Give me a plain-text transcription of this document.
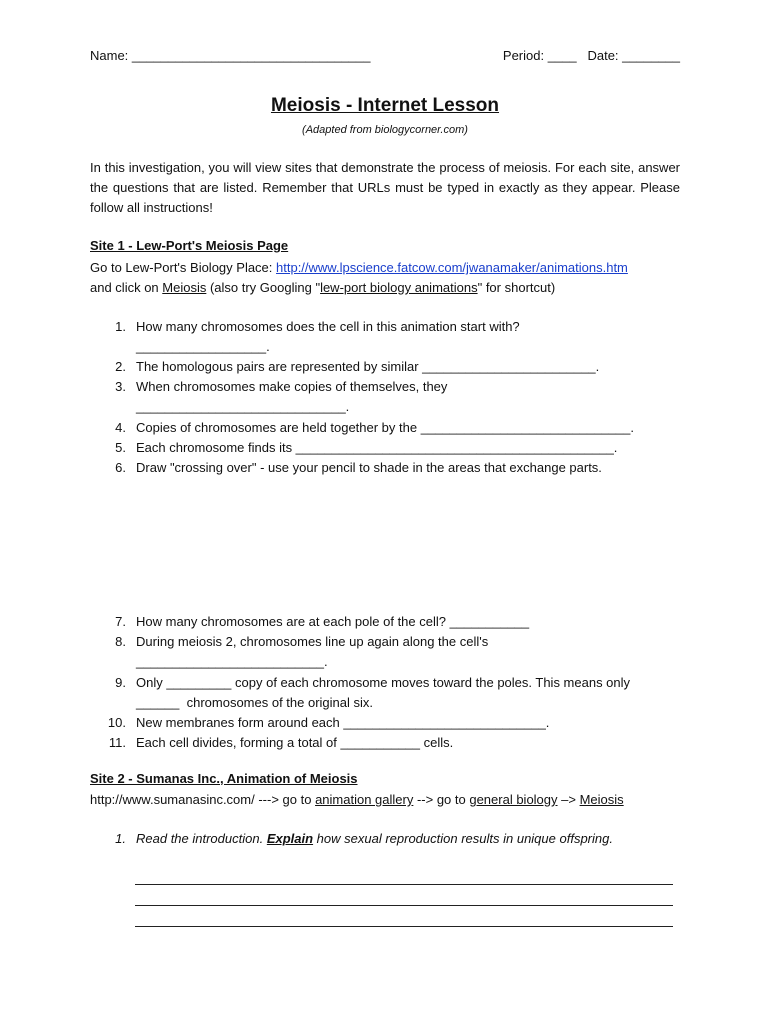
Name: _________________________________	Period: ____   Date: ________
Meiosis - Internet Lesson
(Adapted from biologycorner.com)
In this investigation, you will view sites that demonstrate the process of meiosis. For each site, answer the questions that are listed. Remember that URLs must be typed in exactly as they appear. Please follow all instructions!
Site 1 - Lew-Port's Meiosis Page
Go to Lew-Port's Biology Place: http://www.lpscience.fatcow.com/jwanamaker/animations.htm
and click on Meiosis (also try Googling "lew-port biology animations" for shortcut)
1. How many chromosomes does the cell in this animation start with?
__________________.
2. The homologous pairs are represented by similar ________________________.
3. When chromosomes make copies of themselves, they
_____________________________.
4. Copies of chromosomes are held together by the _____________________________.
5. Each chromosome finds its ____________________________________________.
6. Draw "crossing over" - use your pencil to shade in the areas that exchange parts.
7. How many chromosomes are at each pole of the cell? ___________
8. During meiosis 2, chromosomes line up again along the cell's
__________________________.
9. Only _________ copy of each chromosome moves toward the poles. This means only
______  chromosomes of the original six.
10. New membranes form around each ____________________________.
11. Each cell divides, forming a total of ___________ cells.
Site 2 - Sumanas Inc., Animation of Meiosis
http://www.sumanasinc.com/ ---> go to animation gallery --> go to general biology –> Meiosis
1. Read the introduction. Explain how sexual reproduction results in unique offspring.
